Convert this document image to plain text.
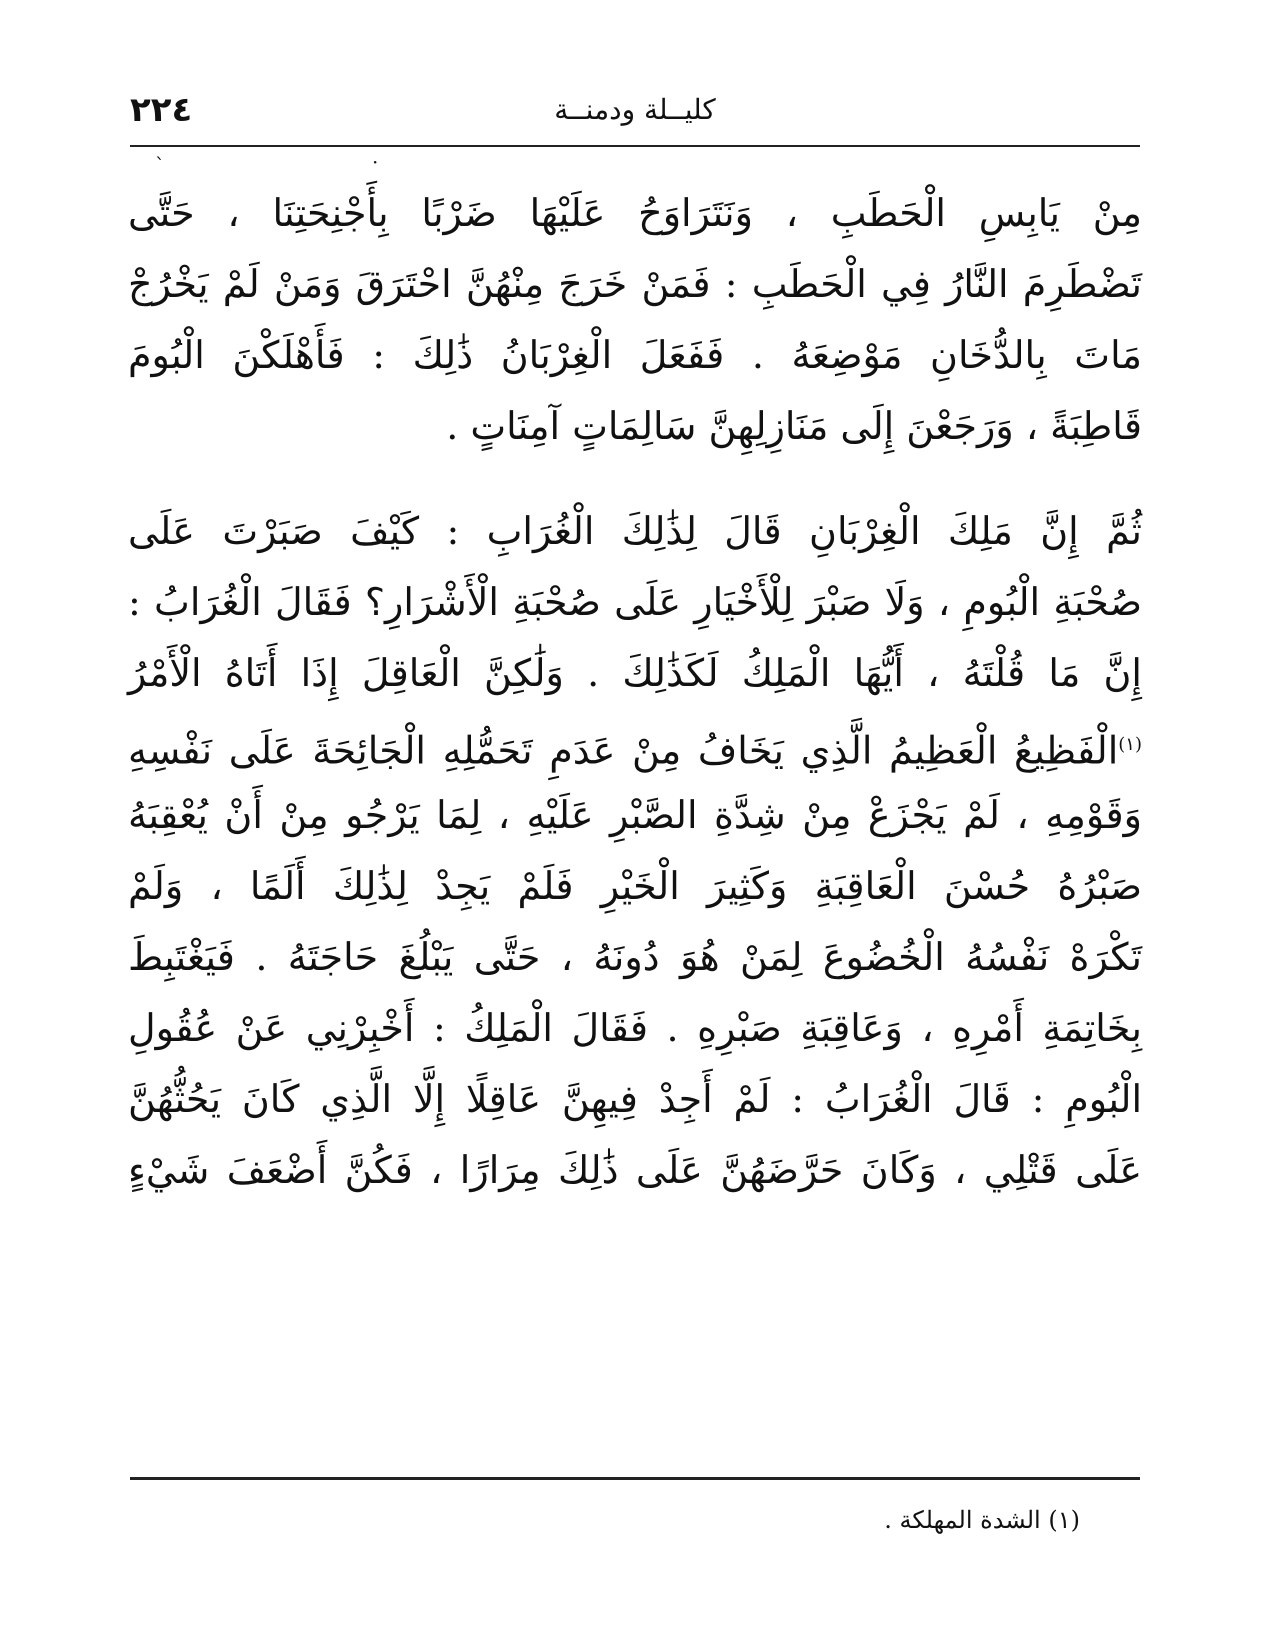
٢٢٤	كليــلة ودمنــة
ˋ	·
مِنْ يَابِسِ الْحَطَبِ ، وَنَتَرَاوَحُ عَلَيْهَا ضَرْبًا بِأَجْنِحَتِنَا ، حَتَّى
تَضْطَرِمَ النَّارُ فِي الْحَطَبِ : فَمَنْ خَرَجَ مِنْهُنَّ احْتَرَقَ وَمَنْ لَمْ يَخْرُجْ
مَاتَ بِالدُّخَانِ مَوْضِعَهُ . فَفَعَلَ الْغِرْبَانُ ذَٰلِكَ : فَأَهْلَكْنَ الْبُومَ
قَاطِبَةً ، وَرَجَعْنَ إِلَى مَنَازِلِهِنَّ سَالِمَاتٍ آمِنَاتٍ .
ثُمَّ إِنَّ مَلِكَ الْغِرْبَانِ قَالَ لِذَٰلِكَ الْغُرَابِ : كَيْفَ صَبَرْتَ عَلَى
صُحْبَةِ الْبُومِ ، وَلَا صَبْرَ لِلْأَخْيَارِ عَلَى صُحْبَةِ الْأَشْرَارِ؟ فَقَالَ الْغُرَابُ :
إِنَّ مَا قُلْتَهُ ، أَيُّهَا الْمَلِكُ لَكَذَٰلِكَ . وَلَٰكِنَّ الْعَاقِلَ إِذَا أَتَاهُ الْأَمْرُ
$^{(١)}$الْفَظِيعُ الْعَظِيمُ الَّذِي يَخَافُ مِنْ عَدَمِ تَحَمُّلِهِ الْجَائِحَةَ عَلَى نَفْسِهِ
وَقَوْمِهِ ، لَمْ يَجْزَعْ مِنْ شِدَّةِ الصَّبْرِ عَلَيْهِ ، لِمَا يَرْجُو مِنْ أَنْ يُعْقِبَهُ
صَبْرُهُ حُسْنَ الْعَاقِبَةِ وَكَثِيرَ الْخَيْرِ فَلَمْ يَجِدْ لِذَٰلِكَ أَلَمًا ، وَلَمْ
تَكْرَهْ نَفْسُهُ الْخُضُوعَ لِمَنْ هُوَ دُونَهُ ، حَتَّى يَبْلُغَ حَاجَتَهُ . فَيَغْتَبِطَ
بِخَاتِمَةِ أَمْرِهِ ، وَعَاقِبَةِ صَبْرِهِ . فَقَالَ الْمَلِكُ : أَخْبِرْنِي عَنْ عُقُولِ
الْبُومِ : قَالَ الْغُرَابُ : لَمْ أَجِدْ فِيهِنَّ عَاقِلًا إِلَّا الَّذِي كَانَ يَحُثُّهُنَّ
عَلَى قَتْلِي ، وَكَانَ حَرَّضَهُنَّ عَلَى ذَٰلِكَ مِرَارًا ، فَكُنَّ أَضْعَفَ شَيْءٍ
(١) الشدة المهلكة .
